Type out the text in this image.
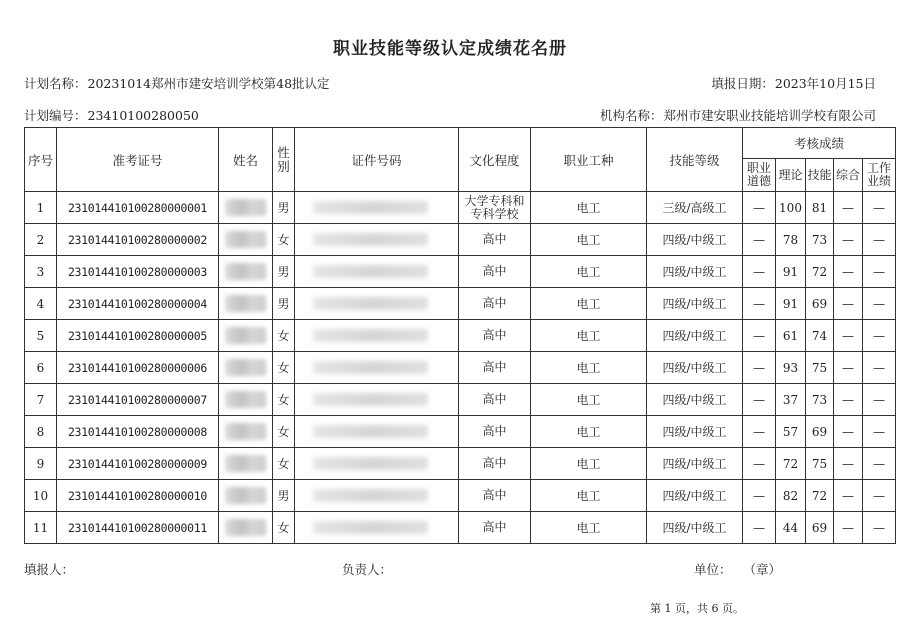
职业技能等级认定成绩花名册
计划名称：20231014郑州市建安培训学校第48批认定	填报日期：2023年10月15日
计划编号：23410100280050	机构名称：郑州市建安职业技能培训学校有限公司
序号	准考证号	姓名	性别	证件号码	文化程度	职业工种	技能等级	考核成绩				
								职业道德	理论	技能	综合	工作业绩
1	231014410100280000001		男		大学专科和专科学校	电工	三级/高级工	—	100	81	—	—
2	231014410100280000002		女		高中	电工	四级/中级工	—	78	73	—	—
3	231014410100280000003		男		高中	电工	四级/中级工	—	91	72	—	—
4	231014410100280000004		男		高中	电工	四级/中级工	—	91	69	—	—
5	231014410100280000005		女		高中	电工	四级/中级工	—	61	74	—	—
6	231014410100280000006		女		高中	电工	四级/中级工	—	93	75	—	—
7	231014410100280000007		女		高中	电工	四级/中级工	—	37	73	—	—
8	231014410100280000008		女		高中	电工	四级/中级工	—	57	69	—	—
9	231014410100280000009		女		高中	电工	四级/中级工	—	72	75	—	—
10	231014410100280000010		男		高中	电工	四级/中级工	—	82	72	—	—
11	231014410100280000011		女		高中	电工	四级/中级工	—	44	69	—	—
填报人：	负责人：	单位： （章）
第 1 页，共 6 页。
